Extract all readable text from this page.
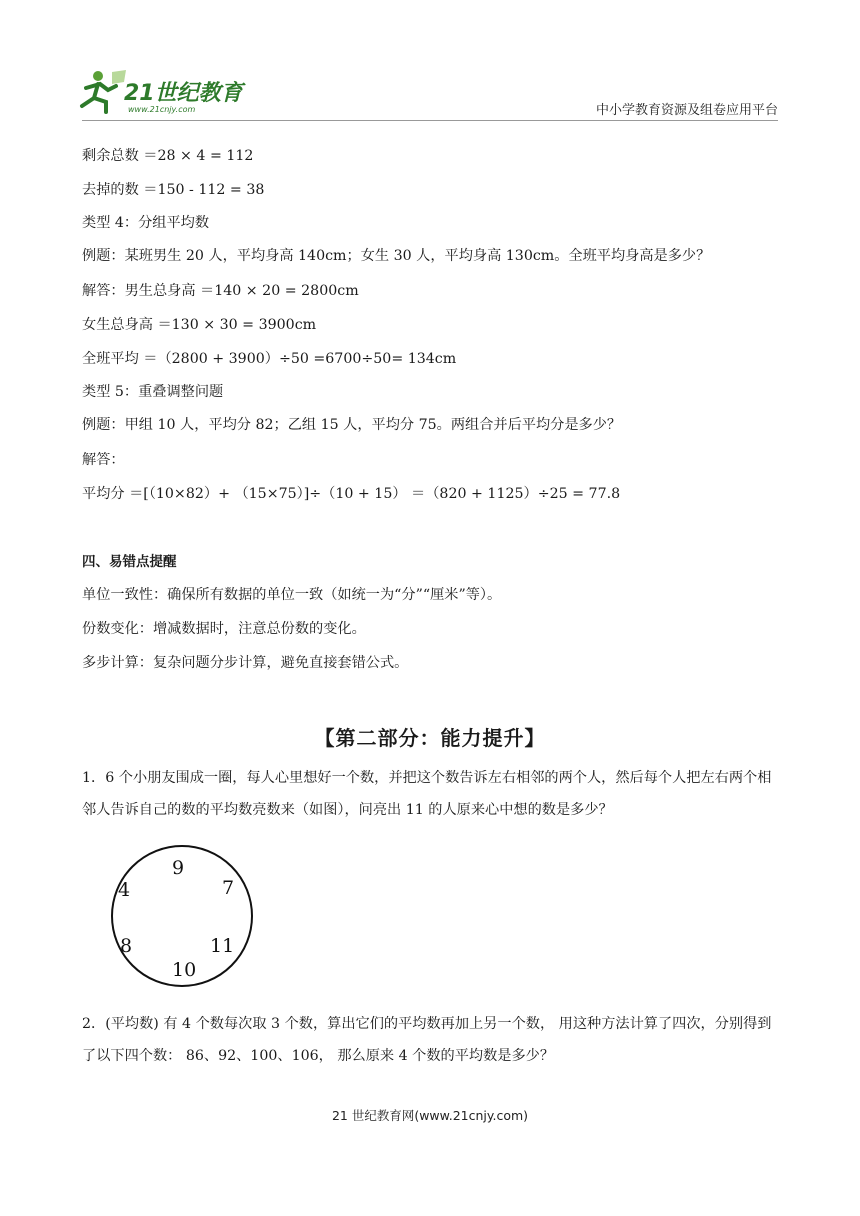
21世纪教育
www.21cnjy.com	中小学教育资源及组卷应用平台
剩余总数 ＝28 × 4 = 112
去掉的数 ＝150 - 112 = 38
类型 4：分组平均数
例题：某班男生 20 人，平均身高 140cm；女生 30 人，平均身高 130cm。全班平均身高是多少？
解答：男生总身高 ＝140 × 20 = 2800cm
女生总身高 ＝130 × 30 = 3900cm
全班平均 ＝（2800 + 3900）÷50 =6700÷50= 134cm
类型 5：重叠调整问题
例题：甲组 10 人，平均分 82；乙组 15 人，平均分 75。两组合并后平均分是多少？
解答：
平均分 ＝[（10×82）+ （15×75）]÷（10 + 15） ＝（820 + 1125）÷25 = 77.8
四、易错点提醒
单位一致性：确保所有数据的单位一致（如统一为“分”“厘米”等）。
份数变化：增减数据时，注意总份数的变化。
多步计算：复杂问题分步计算，避免直接套错公式。
【第二部分：能力提升】
1．6 个小朋友围成一圈，每人心里想好一个数，并把这个数告诉左右相邻的两个人，然后每个人把左右两个相邻人告诉自己的数的平均数亮数来（如图），问亮出 11 的人原来心中想的数是多少？
9
7
11
10
8
4
2．(平均数) 有 4 个数每次取 3 个数，算出它们的平均数再加上另一个数， 用这种方法计算了四次，分别得到了以下四个数： 86、92、100、106， 那么原来 4 个数的平均数是多少？
21 世纪教育网(www.21cnjy.com)
